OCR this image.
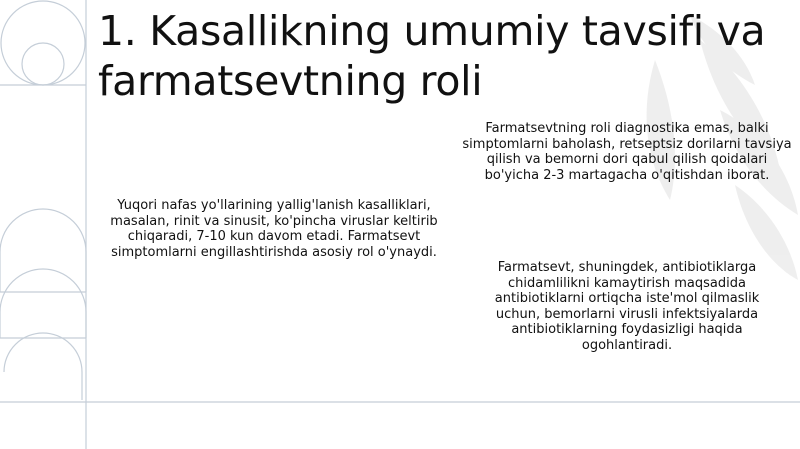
1. Kasallikning umumiy tavsifi va farmatsevtning roli

Yuqori nafas yo'llarining yallig'lanish kasalliklari, masalan, rinit va sinusit, ko'pincha viruslar keltirib chiqaradi, 7-10 kun davom etadi. Farmatsevt simptomlarni engillashtirishda asosiy rol o'ynaydi.

Farmatsevtning roli diagnostika emas, balki simptomlarni baholash, retseptsiz dorilarni tavsiya qilish va bemorni dori qabul qilish qoidalari bo'yicha 2-3 martagacha o'qitishdan iborat.

Farmatsevt, shuningdek, antibiotiklarga chidamlilikni kamaytirish maqsadida antibiotiklarni ortiqcha iste'mol qilmaslik uchun, bemorlarni virusli infektsiyalarda antibiotiklarning foydasizligi haqida ogohlantiradi.
